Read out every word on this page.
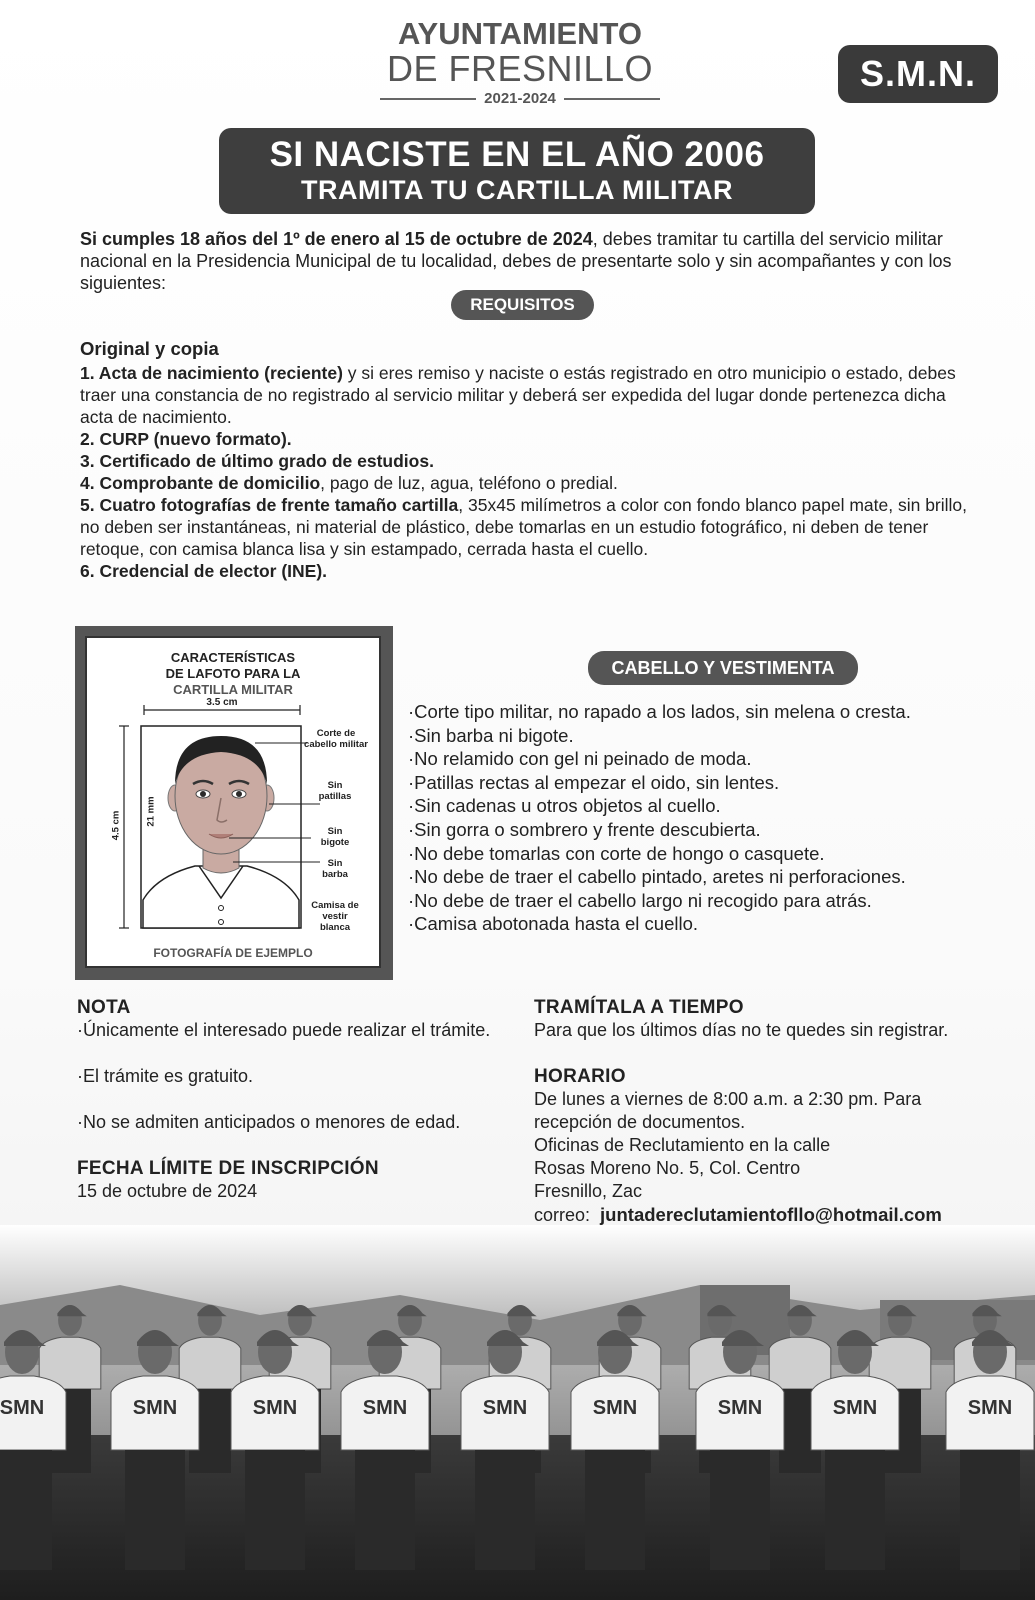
AYUNTAMIENTO
DE FRESNILLO
2021-2024
S.M.N.
SI NACISTE EN EL AÑO 2006
TRAMITA TU CARTILLA MILITAR
Si cumples 18 años del 1º de enero al 15 de octubre de 2024, debes tramitar tu cartilla del servicio militar nacional en la Presidencia Municipal de tu localidad, debes de presentarte solo y sin acompañantes y con los siguientes:
REQUISITOS
Original y copia

1. Acta de nacimiento (reciente) y si eres remiso y naciste o estás registrado en otro municipio o estado, debes traer una constancia de no registrado al servicio militar y deberá ser expedida del lugar donde pertenezca dicha acta de nacimiento.

2. CURP (nuevo formato).

3. Certificado de último grado de estudios.

4. Comprobante de domicilio, pago de luz, agua, teléfono o predial.

5. Cuatro fotografías de frente tamaño cartilla, 35x45 milímetros a color con fondo blanco papel mate, sin brillo, no deben ser instantáneas, ni material de plástico, debe tomarlas en un estudio fotográfico, ni deben de tener retoque, con camisa blanca lisa y sin estampado, cerrada hasta el cuello.

6. Credencial de elector (INE).

CARACTERÍSTICAS
DE LAFOTO PARA LA
CARTILLA MILITAR
3.5 cm
4.5 cm	21 mm
Corte de cabello militar
Sin patillas
Sin bigote
Sin barba
Camisa de vestir blanca
FOTOGRAFÍA DE EJEMPLO
CABELLO Y VESTIMENTA
·Corte tipo militar, no rapado a los lados, sin melena o cresta.
·Sin barba ni bigote.
·No relamido con gel ni peinado de moda.
·Patillas rectas al empezar el oido, sin lentes.
·Sin cadenas u otros objetos al cuello.
·Sin gorra o sombrero y frente descubierta.
·No debe tomarlas con corte de hongo o casquete.
·No debe de traer el cabello pintado, aretes ni perforaciones.
·No debe de traer el cabello largo ni recogido para atrás.
·Camisa abotonada hasta el cuello.
NOTA

·Únicamente el interesado puede realizar el trámite.

·El trámite es gratuito.

·No se admiten anticipados o menores de edad.

FECHA LÍMITE DE INSCRIPCIÓN

15 de octubre de 2024

TRAMÍTALA A TIEMPO

Para que los últimos días no te quedes sin registrar.

HORARIO

De lunes a viernes de 8:00 a.m. a 2:30 pm. Para

recepción de documentos.

Oficinas de Reclutamiento en la calle

Rosas Moreno No. 5, Col. Centro

Fresnillo, Zac

correo: juntadereclutamientofllo@hotmail.com

SMN	SMN	SMN	SMN	SMN	SMN	SMN	SMN	SMN
